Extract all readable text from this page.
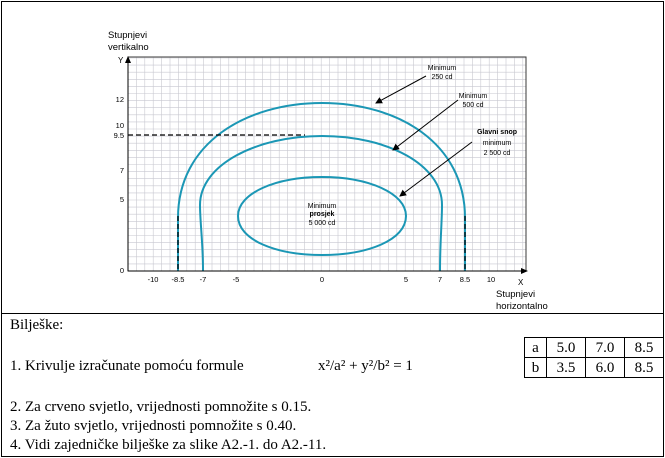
Stupnjevi
vertikalno
Y
X
Stupnjevi
horizontalno
-10 -8.5 -7	-5	0	5	7 8.5 10
12
10
9.5
7
5
0
Minimum
250 cd
Minimum
500 cd
Glavni snop
minimum
2 500 cd
Minimum
prosjek
5 000 cd
Bilješke:
1. Krivulje izračunate pomoću formule	x²/a² + y²/b² = 1
2. Za crveno svjetlo, vrijednosti pomnožite s 0.15.
3. Za žuto svjetlo, vrijednosti pomnožite s 0.40.
4. Vidi zajedničke bilješke za slike A2.-1. do A2.-11.
a	5.0	7.0	8.5
b	3.5	6.0	8.5
